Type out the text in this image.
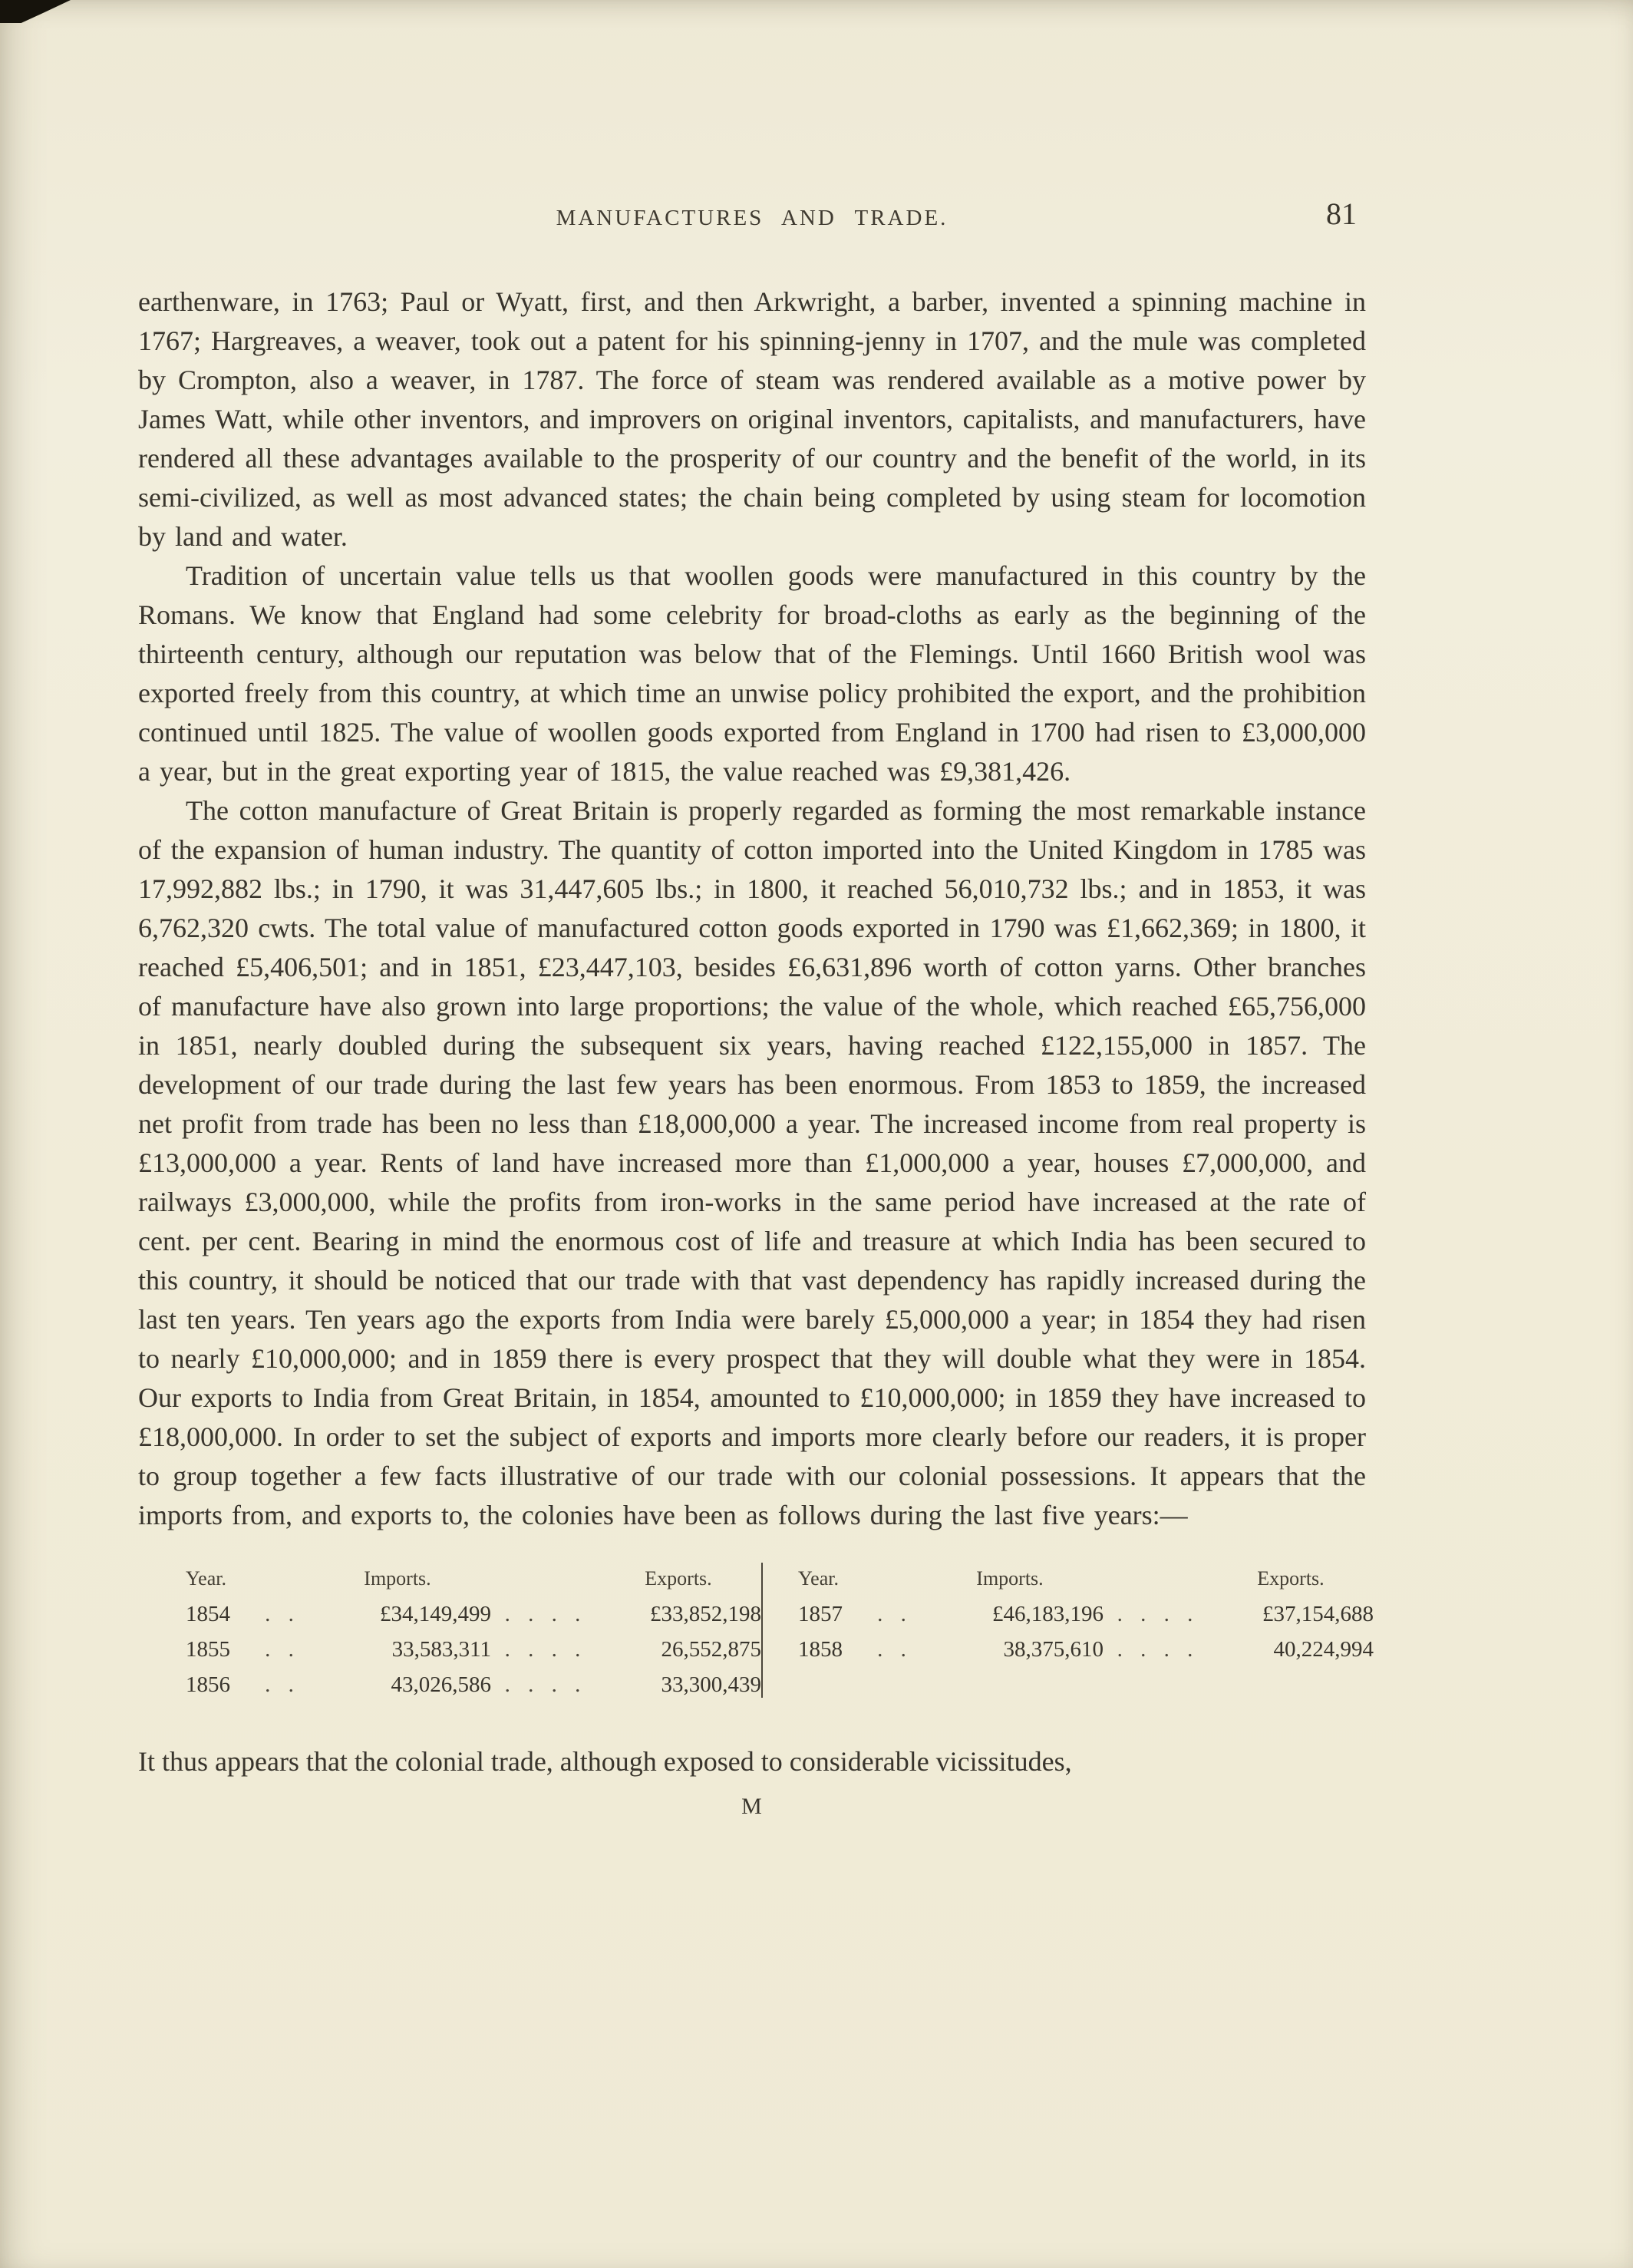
MANUFACTURES AND TRADE.	81

earthenware, in 1763; Paul or Wyatt, first, and then Arkwright, a barber, invented a spinning machine in 1767; Hargreaves, a weaver, took out a patent for his spinning-jenny in 1707, and the mule was completed by Crompton, also a weaver, in 1787. The force of steam was rendered available as a motive power by James Watt, while other inventors, and improvers on original inventors, capitalists, and manufacturers, have rendered all these advantages available to the prosperity of our country and the benefit of the world, in its semi-civilized, as well as most advanced states; the chain being completed by using steam for locomotion by land and water.

Tradition of uncertain value tells us that woollen goods were manufactured in this country by the Romans. We know that England had some celebrity for broad-cloths as early as the beginning of the thirteenth century, although our reputation was below that of the Flemings. Until 1660 British wool was exported freely from this country, at which time an unwise policy prohibited the export, and the prohibition continued until 1825. The value of woollen goods exported from England in 1700 had risen to £3,000,000 a year, but in the great exporting year of 1815, the value reached was £9,381,426.

The cotton manufacture of Great Britain is properly regarded as forming the most remarkable instance of the expansion of human industry. The quantity of cotton imported into the United Kingdom in 1785 was 17,992,882 lbs.; in 1790, it was 31,447,605 lbs.; in 1800, it reached 56,010,732 lbs.; and in 1853, it was 6,762,320 cwts. The total value of manufactured cotton goods exported in 1790 was £1,662,369; in 1800, it reached £5,406,501; and in 1851, £23,447,103, besides £6,631,896 worth of cotton yarns. Other branches of manufacture have also grown into large proportions; the value of the whole, which reached £65,756,000 in 1851, nearly doubled during the subsequent six years, having reached £122,155,000 in 1857. The development of our trade during the last few years has been enormous. From 1853 to 1859, the increased net profit from trade has been no less than £18,000,000 a year. The increased income from real property is £13,000,000 a year. Rents of land have increased more than £1,000,000 a year, houses £7,000,000, and railways £3,000,000, while the profits from iron-works in the same period have increased at the rate of cent. per cent. Bearing in mind the enormous cost of life and treasure at which India has been secured to this country, it should be noticed that our trade with that vast dependency has rapidly increased during the last ten years. Ten years ago the exports from India were barely £5,000,000 a year; in 1854 they had risen to nearly £10,000,000; and in 1859 there is every prospect that they will double what they were in 1854. Our exports to India from Great Britain, in 1854, amounted to £10,000,000; in 1859 they have increased to £18,000,000. In order to set the subject of exports and imports more clearly before our readers, it is proper to group together a few facts illustrative of our trade with our colonial possessions. It appears that the imports from, and exports to, the colonies have been as follows during the last five years:—

Year.	Imports.	Exports.
1854	. .	£34,149,499 . . . .	£33,852,198
1855	. .	33,583,311 . . . .	26,552,875
1856	. .	43,026,586 . . . .	33,300,439
Year.	Imports.	Exports.
1857	. .	£46,183,196 . . . .	£37,154,688
1858	. .	38,375,610 . . . .	40,224,994

It thus appears that the colonial trade, although exposed to considerable vicissitudes,

M
